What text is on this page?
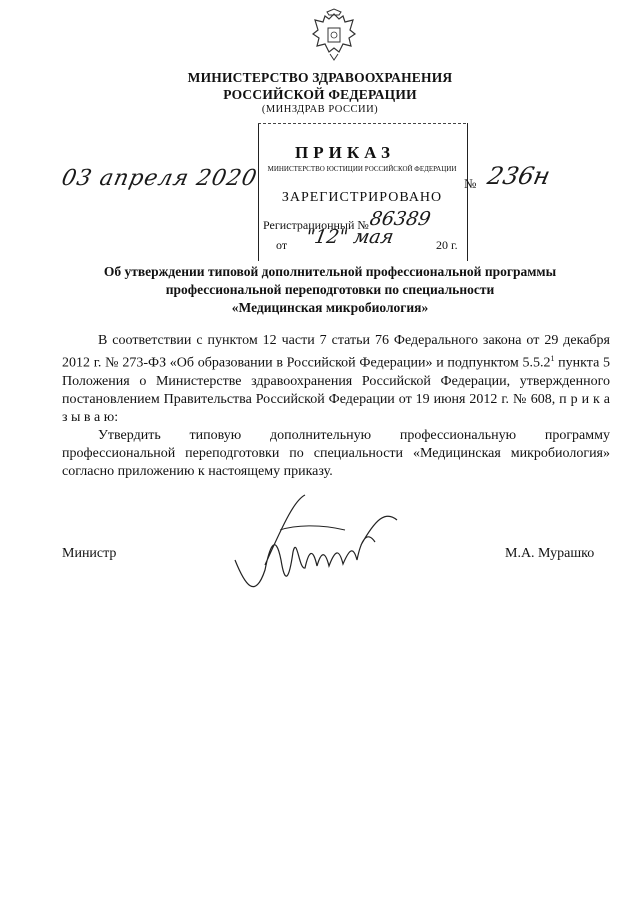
МИНИСТЕРСТВО ЗДРАВООХРАНЕНИЯ
РОССИЙСКОЙ ФЕДЕРАЦИИ
(МИНЗДРАВ РОССИИ)
ПРИКАЗ
03 апреля 2020	№ 236н
МИНИСТЕРСТВО ЮСТИЦИИ РОССИЙСКОЙ ФЕДЕРАЦИИ
ЗАРЕГИСТРИРОВАНО
Регистрационный № 86389
от "12" мая	20 г.
Об утверждении типовой дополнительной профессиональной программы
профессиональной переподготовки по специальности
«Медицинская микробиология»
В соответствии с пунктом 12 части 7 статьи 76 Федерального закона от 29 декабря 2012 г. № 273-ФЗ «Об образовании в Российской Федерации» и подпунктом 5.5.2$^1$ пункта 5 Положения о Министерстве здравоохранения Российской Федерации, утвержденного постановлением Правительства Российской Федерации от 19 июня 2012 г. № 608, п р и к а з ы в а ю:
Утвердить типовую дополнительную профессиональную программу профессиональной переподготовки по специальности «Медицинская микробиология» согласно приложению к настоящему приказу.
Министр	М.А. Мурашко
